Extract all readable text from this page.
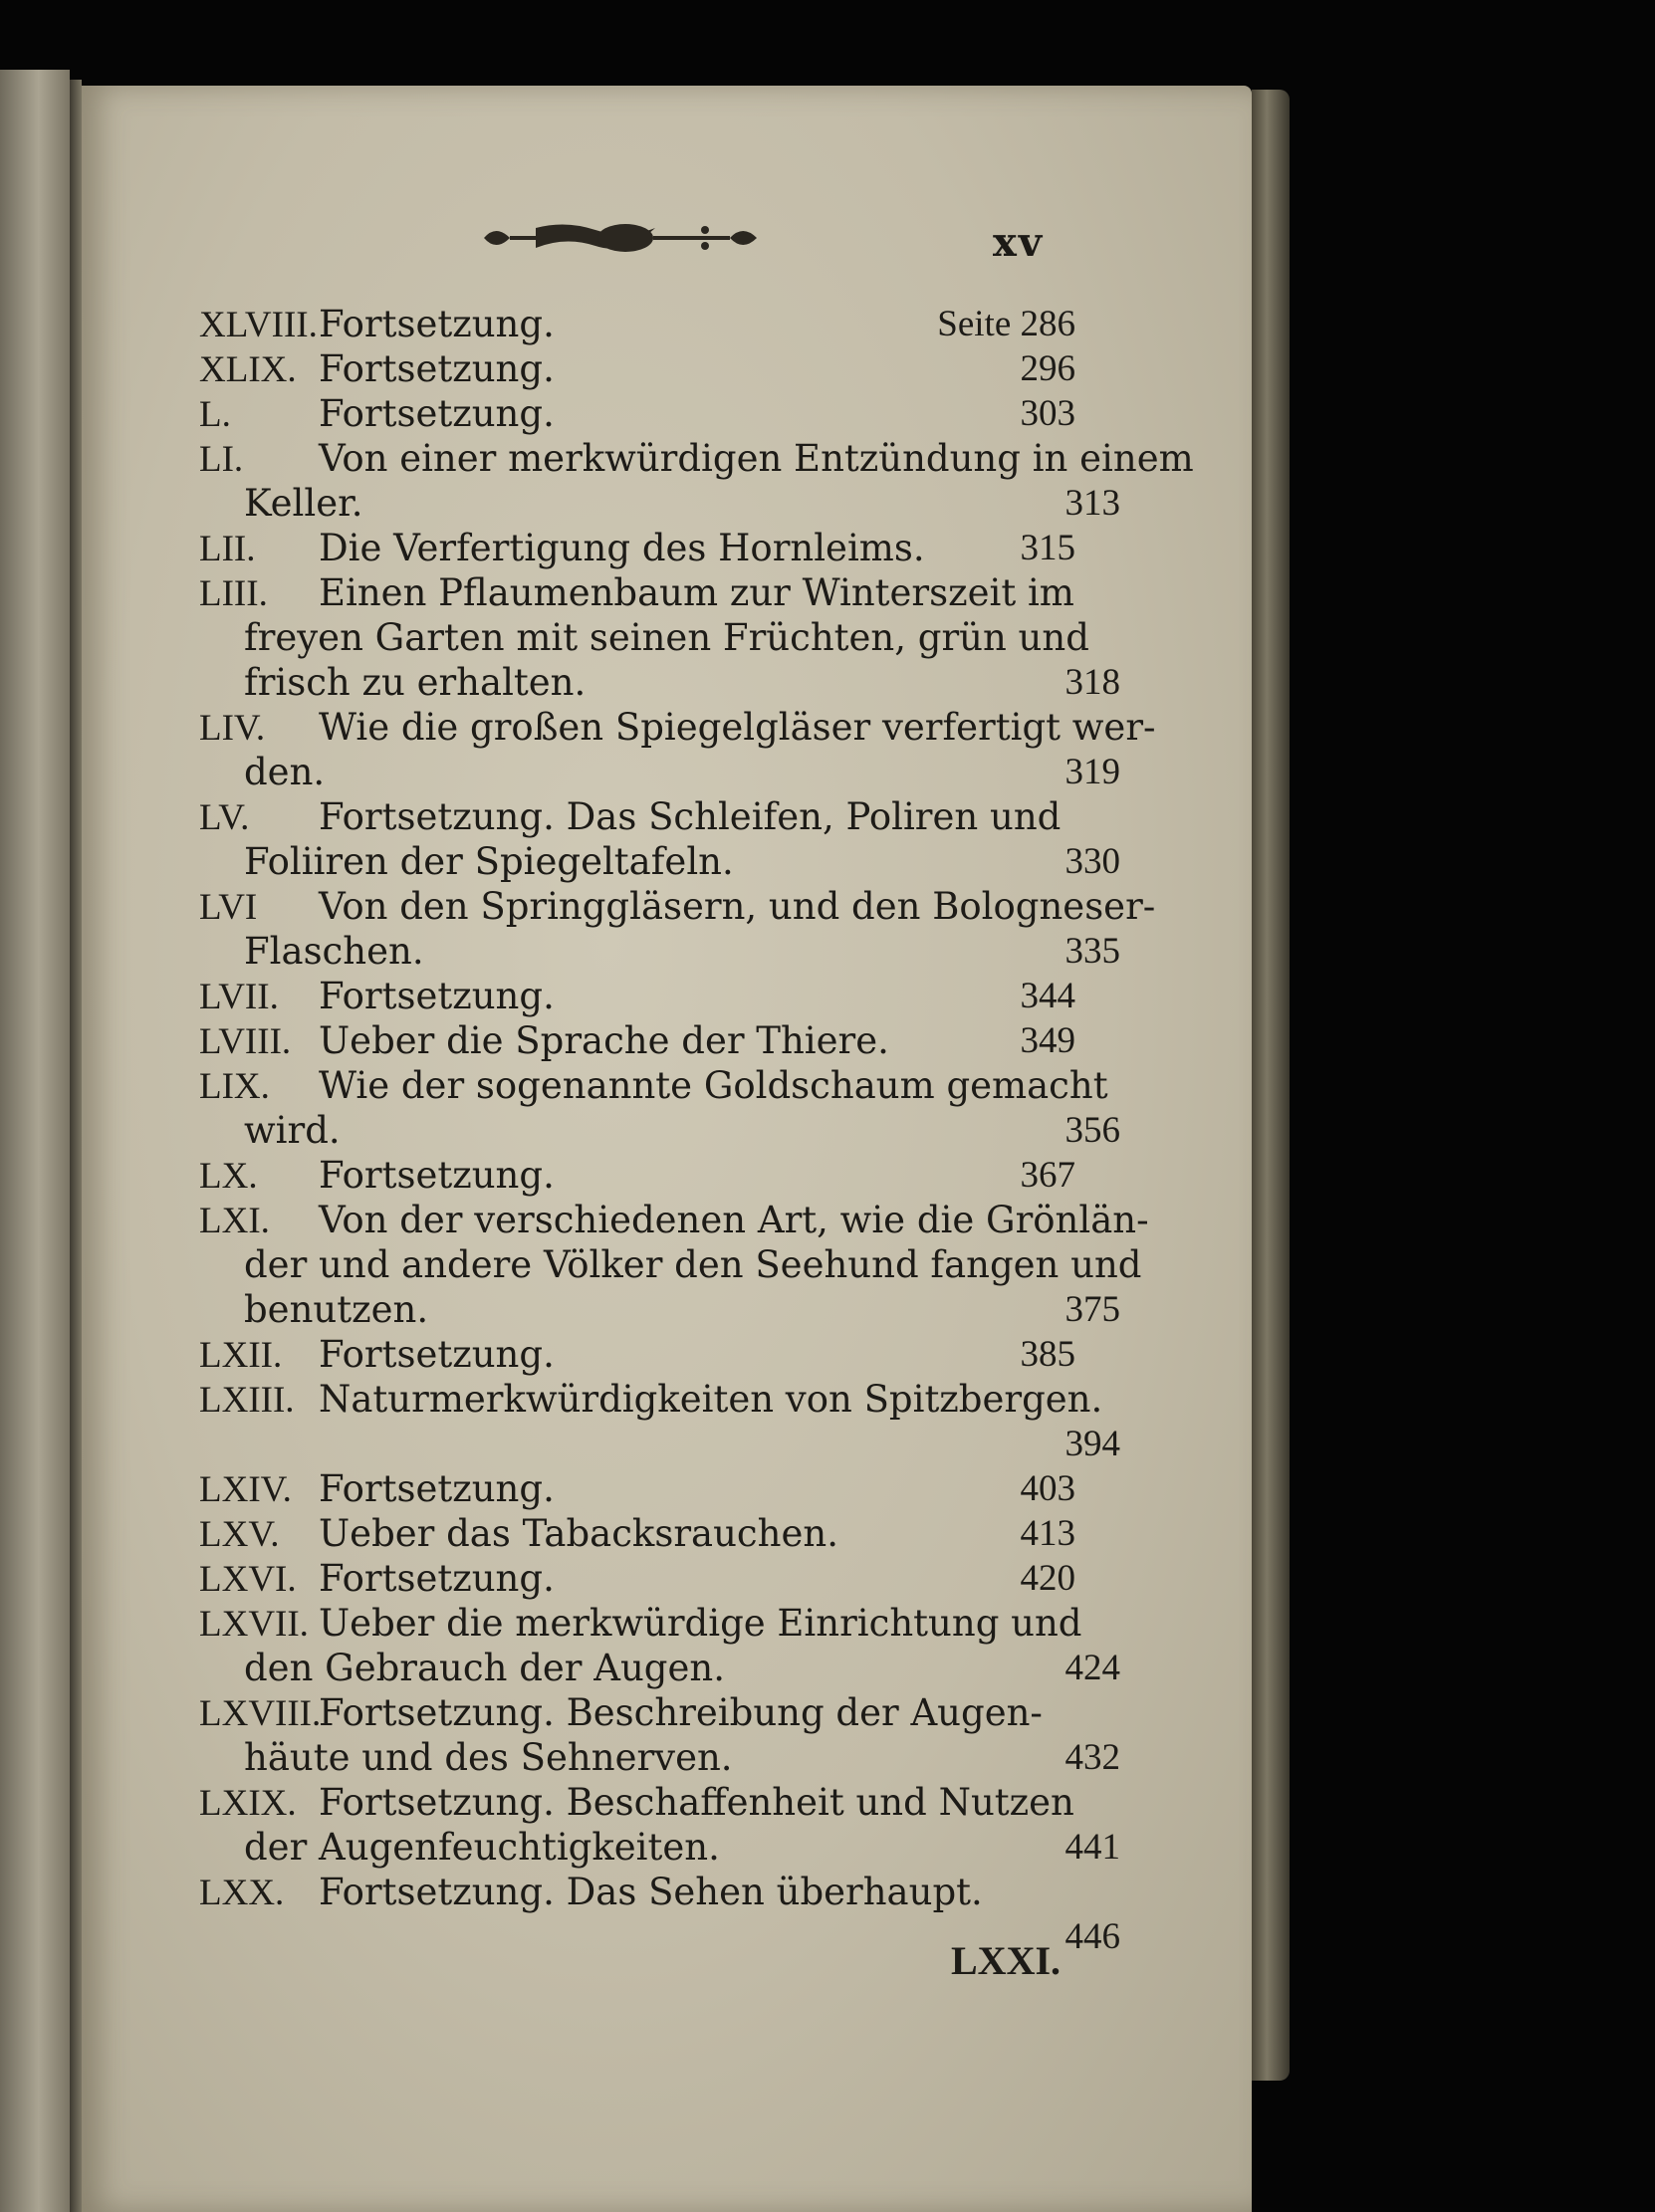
xv
XLVIII.Fortsetzung.	Seite 286
XLIX. Fortsetzung.	296
L. Fortsetzung.	303
LI. Von einer merkwürdigen Entzündung in einem
Keller.	313
LII. Die Verfertigung des Hornleims.	315
LIII. Einen Pflaumenbaum zur Winterszeit im
freyen Garten mit seinen Früchten, grün und
frisch zu erhalten.	318
LIV. Wie die großen Spiegelgläser verfertigt wer-
den.	319
LV. Fortsetzung. Das Schleifen, Poliren und
Foliiren der Spiegeltafeln.	330
LVI Von den Springgläsern, und den Bologneser-
Flaschen.	335
LVII. Fortsetzung.	344
LVIII. Ueber die Sprache der Thiere.	349
LIX. Wie der sogenannte Goldschaum gemacht
wird.	356
LX. Fortsetzung.	367
LXI. Von der verschiedenen Art, wie die Grönlän-
der und andere Völker den Seehund fangen und
benutzen.	375
LXII. Fortsetzung.	385
LXIII. Naturmerkwürdigkeiten von Spitzbergen.
394
LXIV. Fortsetzung.	403
LXV. Ueber das Tabacksrauchen.	413
LXVI. Fortsetzung.	420
LXVII. Ueber die merkwürdige Einrichtung und
den Gebrauch der Augen.	424
LXVIII.Fortsetzung. Beschreibung der Augen-
häute und des Sehnerven.	432
LXIX. Fortsetzung. Beschaffenheit und Nutzen
der Augenfeuchtigkeiten.	441
LXX. Fortsetzung. Das Sehen überhaupt.
446
LXXI.
